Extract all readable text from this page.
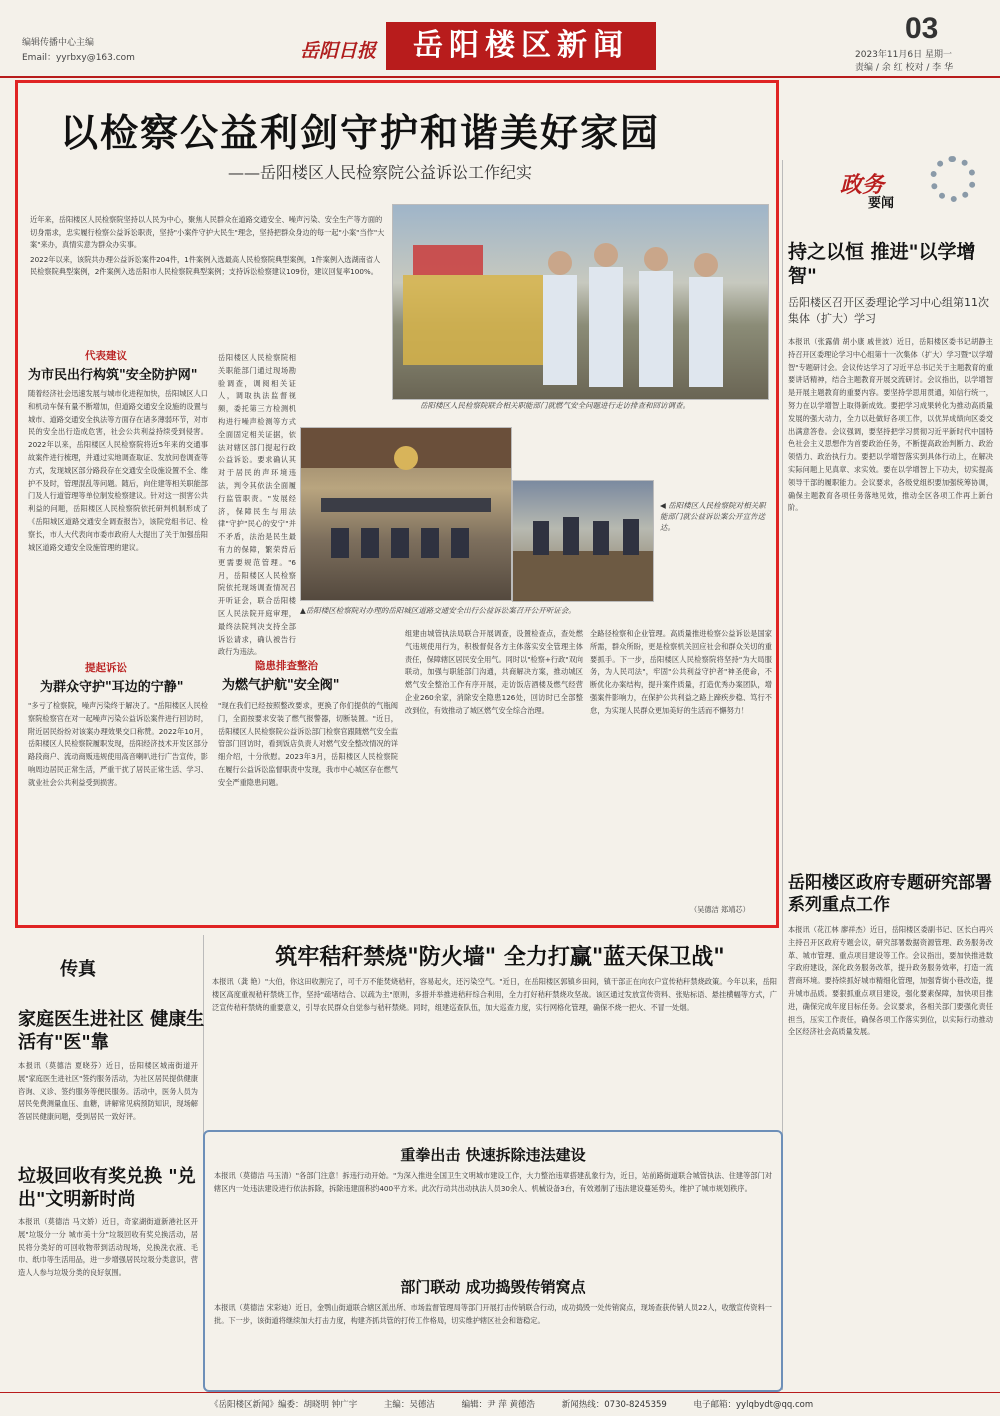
编辑传播中心主编
Email：yyrbxy@163.com	岳阳日报	岳阳楼区新闻	03
2023年11月6日 星期一
责编 / 余 红 校对 / 李 华
以检察公益利剑守护和谐美好家园
——岳阳楼区人民检察院公益诉讼工作纪实

近年来，岳阳楼区人民检察院坚持以人民为中心，聚焦人民群众在道路交通安全、噪声污染、安全生产等方面的切身需求，忠实履行检察公益诉讼职责，坚持"小案件守护大民生"理念，坚持把群众身边的每一起"小案"当作"大案"来办，真情实意为群众办实事。

2022年以来，该院共办理公益诉讼案件204件，1件案例入选最高人民检察院典型案例，1件案例入选湖南省人民检察院典型案例，2件案例入选岳阳市人民检察院典型案例；支持诉讼检察建议109份，建议回复率100%。

岳阳楼区人民检察院联合相关职能部门就燃气安全问题进行走访排查和回访调查。
◀ 岳阳楼区人民检察院对相关职能部门就公益诉讼案公开宣告送达。
▲岳阳楼区检察院对办理的岳阳城区道路交通安全出行公益诉讼案召开公开听证会。
代表建议
为市民出行构筑"安全防护网"
随着经济社会迅速发展与城市化进程加快，岳阳城区人口和机动车保有量不断增加，但道路交通安全设施的设置与城市、道路交通安全执法等方面存在诸多薄弱环节，对市民的安全出行造成危害，社会公共利益持续受到侵害。2022年以来，岳阳楼区人民检察院将近5年来的交通事故案件进行梳理，并通过实地调查取证、发放问卷调查等方式，发现城区部分路段存在交通安全设施设置不全、维护不及时，管理混乱等问题。随后，向住建等相关职能部门及人行道管理等单位制发检察建议。针对这一损害公共利益的问题，岳阳楼区人民检察院依托研判机制形成了《岳阳城区道路交通安全调查报告》，该院党组书记、检察长，市人大代表向市委市政府人大提出了关于加强岳阳城区道路交通安全设施管理的建议。
提起诉讼
为群众守护"耳边的宁静"
"多亏了检察院，噪声污染终于解决了。"岳阳楼区人民检察院检察官在对一起噪声污染公益诉讼案件进行回访时，附近居民纷纷对该案办理效果交口称赞。2022年10月，岳阳楼区人民检察院履职发现，岳阳经济技术开发区部分路段商户、流动商贩违规使用高音喇叭进行广告宣传，影响周边居民正常生活，严重干扰了居民正常生活、学习、就业社会公共利益受到损害。
岳阳楼区人民检察院相关职能部门通过现场勘验调查，调阅相关证人，调取执法监督视频，委托第三方检测机构进行噪声检测等方式全面固定相关证据，依法对辖区部门提起行政公益诉讼。要求确认其对于居民的声环境违法，判令其依法全面履行监管职责。"发展经济，保障民生与用法律"守护"民心的安宁"并不矛盾，法治是民生最有力的保障，繁荣背后更需要规范管理。"6月，岳阳楼区人民检察院依托现场调查情况召开听证会，联合岳阳楼区人民法院开庭审理，最终法院判决支持全部诉讼请求，确认被告行政行为违法。
隐患排查整治
为燃气护航"安全阀"
"现在我们已经按照整改要求，更换了你们提供的气瓶阀门，全面按要求安装了燃气报警器，切断装置。"近日，岳阳楼区人民检察院公益诉讼部门检察官跟随燃气安全监管部门回访时，看到饭店负责人对燃气安全整改情况的详细介绍，十分欣慰。2023年3月，岳阳楼区人民检察院在履行公益诉讼监督职责中发现，我市中心城区存在燃气安全严重隐患问题。
组建由城管执法局联合开展调查，设置检查点，查处燃气违规使用行为，积极督促各方主体落实安全管理主体责任，保障辖区居民安全用气。同时以"检察+行政"双向联动，加强与职能部门沟通，共商解决方案，推动城区燃气安全整治工作有序开展，走访饭店酒楼及燃气经营企业260余家，消除安全隐患126处，回访时已全部整改到位，有效推动了城区燃气安全综合治理。
全路径检察和企业管理。高质量推进检察公益诉讼是国家所需，群众所盼，更是检察机关回应社会和群众关切的重要抓手。下一步，岳阳楼区人民检察院将坚持"为大局服务，为人民司法"，牢固"公共利益守护者"神圣使命，不断优化办案结构，提升案件质量，打造优秀办案团队，增强案件影响力，在保护公共利益之路上蹄疾步稳、笃行不怠，为实现人民群众更加美好的生活而不懈努力！
（吴德洁 郑靖芯）
政务
要闻
持之以恒 推进"以学增智"
岳阳楼区召开区委理论学习中心组第11次集体（扩大）学习
本报讯（张露倩 胡小康 戚世波）近日，岳阳楼区委书记胡静主持召开区委理论学习中心组第十一次集体（扩大）学习暨"以学增智"专题研讨会。会议传达学习了习近平总书记关于主题教育的重要讲话精神，结合主题教育开展交流研讨。会议指出，以学增智是开展主题教育的重要内容。要坚持学思用贯通，知信行统一，努力在以学增智上取得新成效。要把学习成果转化为推动高质量发展的强大动力，全力以赴做好各项工作，以优异成绩向区委交出满意答卷。会议强调，要坚持把学习贯彻习近平新时代中国特色社会主义思想作为首要政治任务，不断提高政治判断力、政治领悟力、政治执行力。要把以学增智落实到具体行动上，在解决实际问题上见真章、求实效。要在以学增智上下功夫，切实提高领导干部的履职能力。会议要求，各级党组织要加强统筹协调，确保主题教育各项任务落地见效，推动全区各项工作再上新台阶。
岳阳楼区政府专题研究部署系列重点工作
本报讯（花江林 廖祥杰）近日，岳阳楼区委副书记、区长白再兴主持召开区政府专题会议，研究部署数据资源管理、政务服务改革、城市管理、重点项目建设等工作。会议指出，要加快推进数字政府建设，深化政务服务改革，提升政务服务效率，打造一流营商环境。要持续抓好城市精细化管理，加强背街小巷改造，提升城市品质。要狠抓重点项目建设，强化要素保障，加快项目推进，确保完成年度目标任务。会议要求，各相关部门要强化责任担当，压实工作责任，确保各项工作落实到位，以实际行动推动全区经济社会高质量发展。
传真
家庭医生进社区 健康生活有"医"靠
本报讯（莫德洁 夏晓芬）近日，岳阳楼区城南街道开展"家庭医生进社区"签约服务活动，为社区居民提供健康咨询、义诊、签约服务等便民服务。活动中，医务人员为居民免费测量血压、血糖，讲解常见病预防知识，现场解答居民健康问题，受到居民一致好评。
垃圾回收有奖兑换 "兑出"文明新时尚
本报讯（莫德洁 马文娇）近日，奇家湖街道新港社区开展"垃圾分一分 城市美十分"垃圾回收有奖兑换活动，居民将分类好的可回收物带到活动现场，兑换洗衣液、毛巾、纸巾等生活用品，进一步增强居民垃圾分类意识，营造人人参与垃圾分类的良好氛围。
筑牢秸秆禁烧"防火墙" 全力打赢"蓝天保卫战"
本报讯（龚 艳）"大伯，你这田收割完了，可千万不能焚烧秸秆，容易起火，还污染空气。"近日，在岳阳楼区郭镇乡田间，镇干部正在向农户宣传秸秆禁烧政策。今年以来，岳阳楼区高度重视秸秆禁烧工作，坚持"疏堵结合、以疏为主"原则，多措并举推进秸秆综合利用，全力打好秸秆禁烧攻坚战。该区通过发放宣传资料、张贴标语、悬挂横幅等方式，广泛宣传秸秆禁烧的重要意义，引导农民群众自觉参与秸秆禁烧。同时，组建巡查队伍，加大巡查力度，实行网格化管理，确保不烧一把火、不冒一处烟。
重拳出击 快速拆除违法建设
本报讯（莫德洁 马玉清）"各部门注意！拆违行动开始。"为深入推进全国卫生文明城市建设工作，大力整治违章搭建乱象行为，近日，站前路街道联合城管执法、住建等部门对辖区内一处违法建设进行依法拆除，拆除违建面积约400平方米。此次行动共出动执法人员30余人、机械设备3台，有效遏制了违法建设蔓延势头，维护了城市规划秩序。
部门联动 成功捣毁传销窝点
本报讯（莫德洁 宋彩迪）近日，金鹗山街道联合辖区派出所、市场监督管理局等部门开展打击传销联合行动，成功捣毁一处传销窝点，现场查获传销人员22人，收缴宣传资料一批。下一步，该街道将继续加大打击力度，构建齐抓共管的打传工作格局，切实维护辖区社会和谐稳定。
《岳阳楼区新闻》编委：胡晓明 钟广宇	主编：吴德洁	编辑：尹 萍 黄德浩	新闻热线：0730-8245359	电子邮箱：yylqbydt@qq.com
